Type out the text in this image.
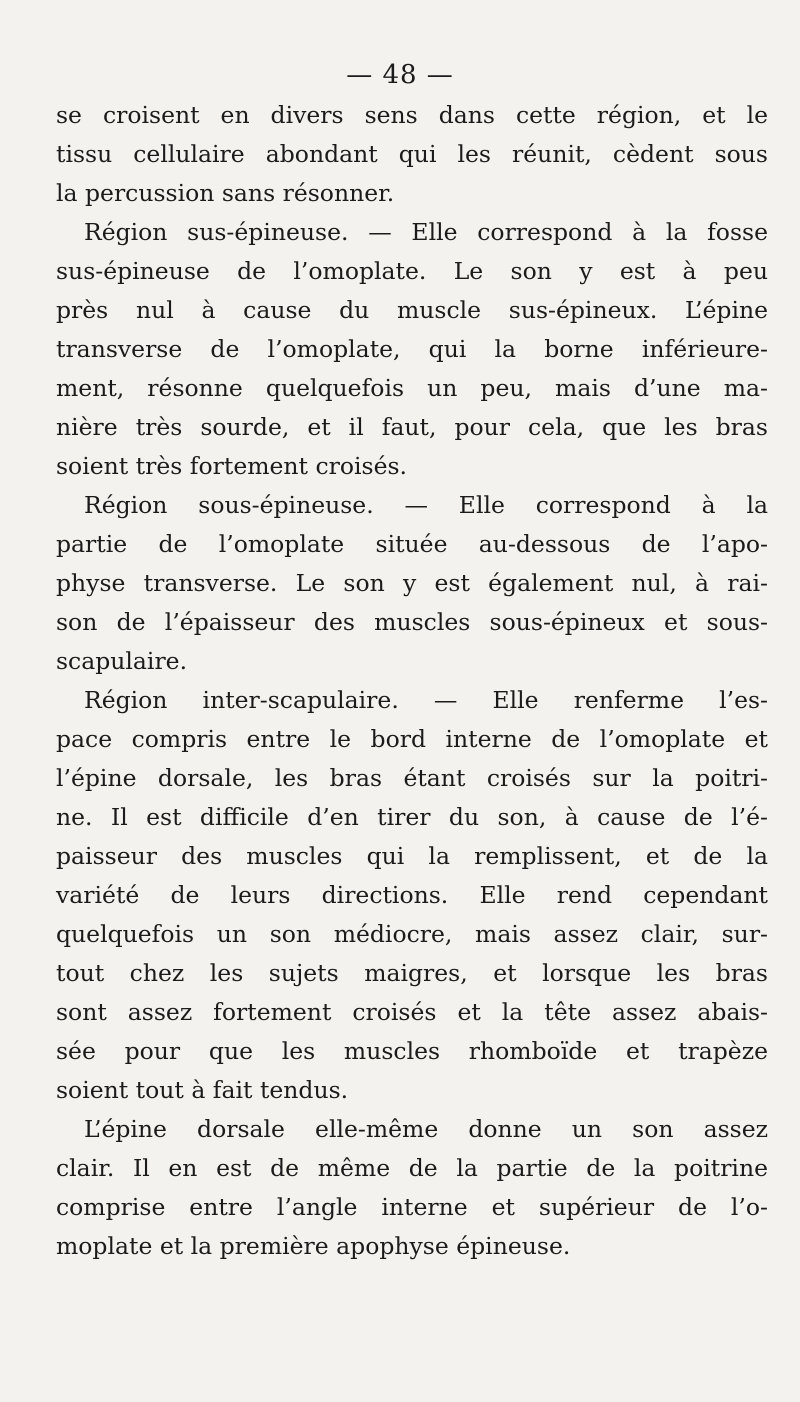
— 48 —
se croisent en divers sens dans cette région, et le
tissu cellulaire abondant qui les réunit, cèdent sous
la percussion sans résonner.
Région sus-épineuse. — Elle correspond à la fosse
sus-épineuse de l’omoplate. Le son y est à peu
près nul à cause du muscle sus-épineux. L’épine
transverse de l’omoplate, qui la borne inférieure-
ment, résonne quelquefois un peu, mais d’une ma-
nière très sourde, et il faut, pour cela, que les bras
soient très fortement croisés.
Région sous-épineuse. — Elle correspond à la
partie de l’omoplate située au-dessous de l’apo-
physe transverse. Le son y est également nul, à rai-
son de l’épaisseur des muscles sous-épineux et sous-
scapulaire.
Région inter-scapulaire. — Elle renferme l’es-
pace compris entre le bord interne de l’omoplate et
l’épine dorsale, les bras étant croisés sur la poitri-
ne. Il est difficile d’en tirer du son, à cause de l’é-
paisseur des muscles qui la remplissent, et de la
variété de leurs directions. Elle rend cependant
quelquefois un son médiocre, mais assez clair, sur-
tout chez les sujets maigres, et lorsque les bras
sont assez fortement croisés et la tête assez abais-
sée pour que les muscles rhomboïde et trapèze
soient tout à fait tendus.
L’épine dorsale elle-même donne un son assez
clair. Il en est de même de la partie de la poitrine
comprise entre l’angle interne et supérieur de l’o-
moplate et la première apophyse épineuse.
